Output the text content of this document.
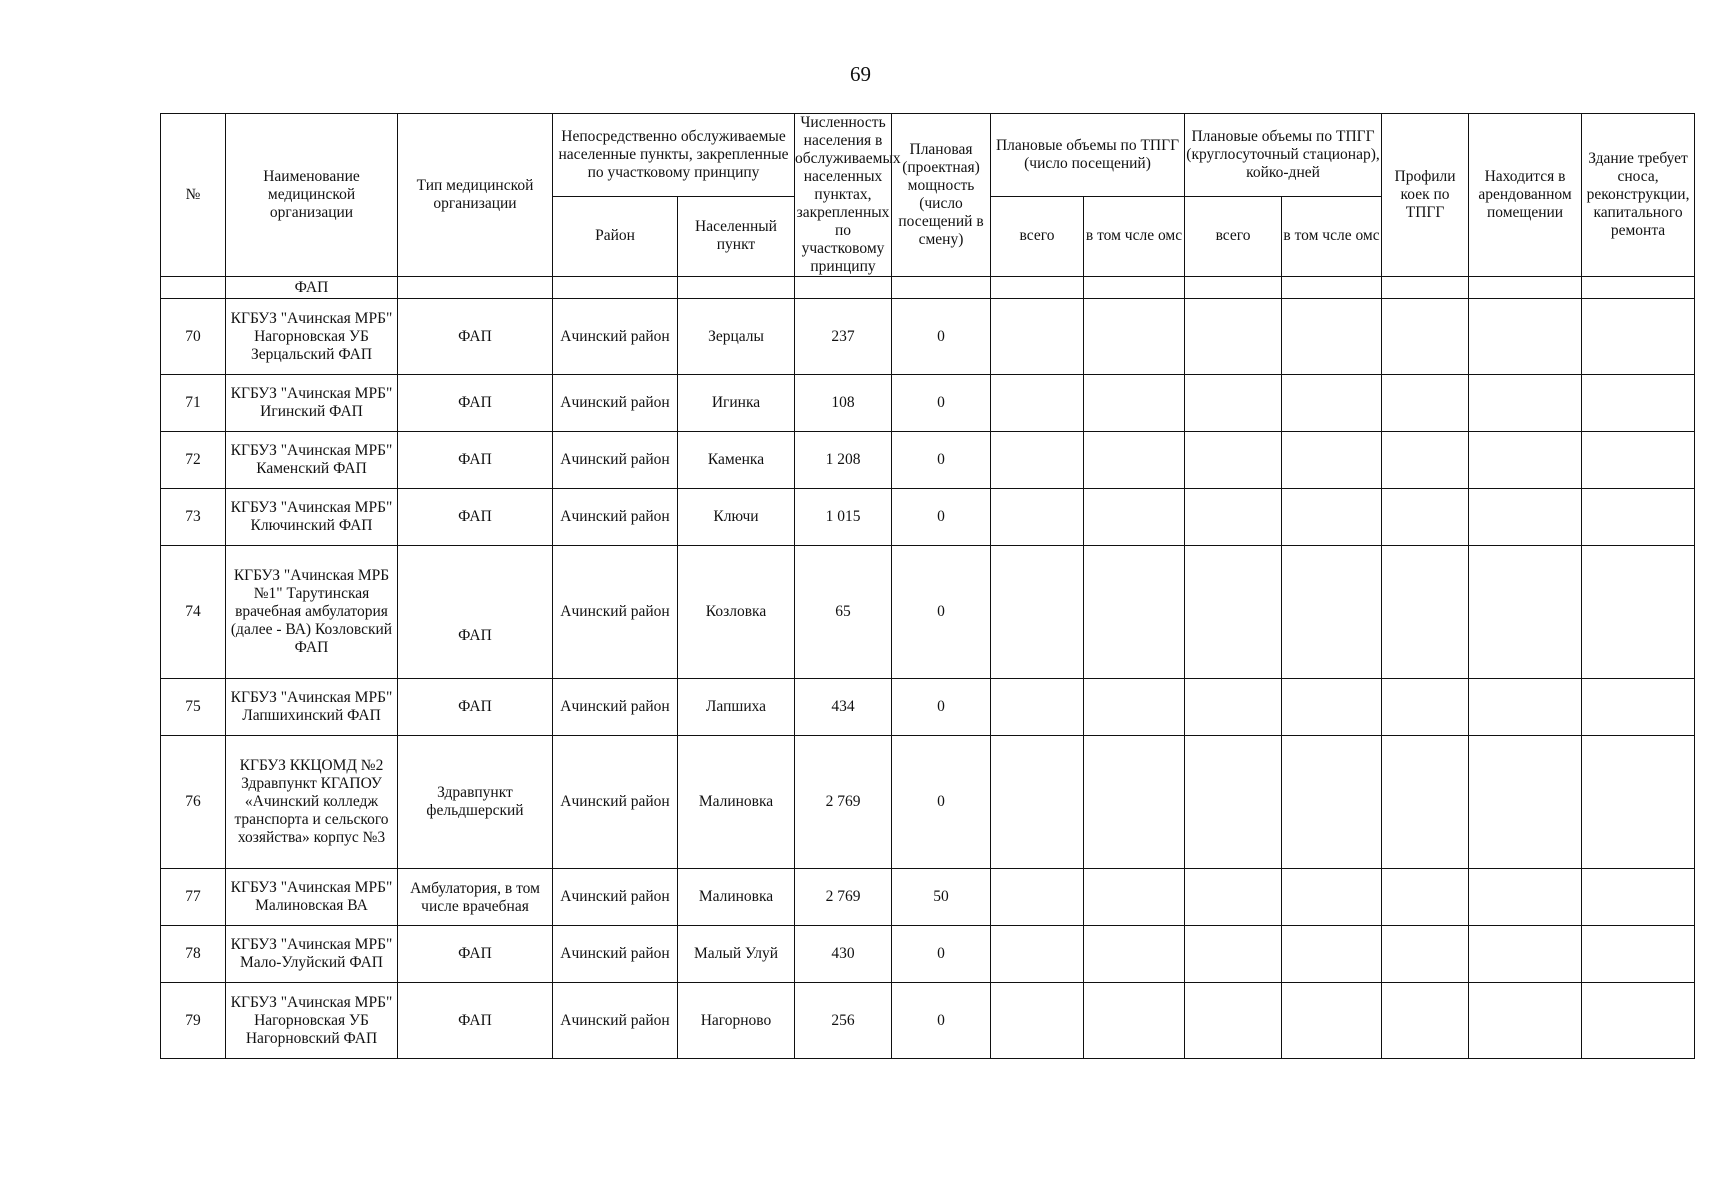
69
№	Наименование медицинской организации	Тип медицинской организации	Непосредственно обслуживаемые населенные пункты, закрепленные по участковому принципу		Численность населения в обслуживаемых населенных пунктах, закрепленных по участковому принципу	Плановая (проектная) мощность (число посещений в смену)	Плановые объемы по ТПГГ (число посещений)		Плановые объемы по ТПГГ (круглосуточный стационар), койко-дней		Профили коек по ТПГГ	Находится в арендованном помещении	Здание требует сноса, реконструкции, капитального ремонта
			Район	Населенный пункт			всего	в том чсле омс	всего	в том чсле омс			
	ФАП												
70	КГБУЗ "Ачинская МРБ" Нагорновская УБ Зерцальский ФАП	ФАП	Ачинский район	Зерцалы	237	0							
71	КГБУЗ "Ачинская МРБ" Игинский ФАП	ФАП	Ачинский район	Игинка	108	0							
72	КГБУЗ "Ачинская МРБ" Каменский ФАП	ФАП	Ачинский район	Каменка	1 208	0							
73	КГБУЗ "Ачинская МРБ" Ключинский ФАП	ФАП	Ачинский район	Ключи	1 015	0							
74	КГБУЗ "Ачинская МРБ №1" Тарутинская врачебная амбулатория (далее - ВА) Козловский ФАП	ФАП	Ачинский район	Козловка	65	0							
75	КГБУЗ "Ачинская МРБ" Лапшихинский ФАП	ФАП	Ачинский район	Лапшиха	434	0							
76	КГБУЗ ККЦОМД №2 Здравпункт КГАПОУ «Ачинский колледж транспорта и сельского хозяйства» корпус №3	Здравпункт фельдшерский	Ачинский район	Малиновка	2 769	0							
77	КГБУЗ "Ачинская МРБ" Малиновская ВА	Амбулатория, в том числе врачебная	Ачинский район	Малиновка	2 769	50							
78	КГБУЗ "Ачинская МРБ" Мало-Улуйский ФАП	ФАП	Ачинский район	Малый Улуй	430	0							
79	КГБУЗ "Ачинская МРБ" Нагорновская УБ Нагорновский ФАП	ФАП	Ачинский район	Нагорново	256	0							
